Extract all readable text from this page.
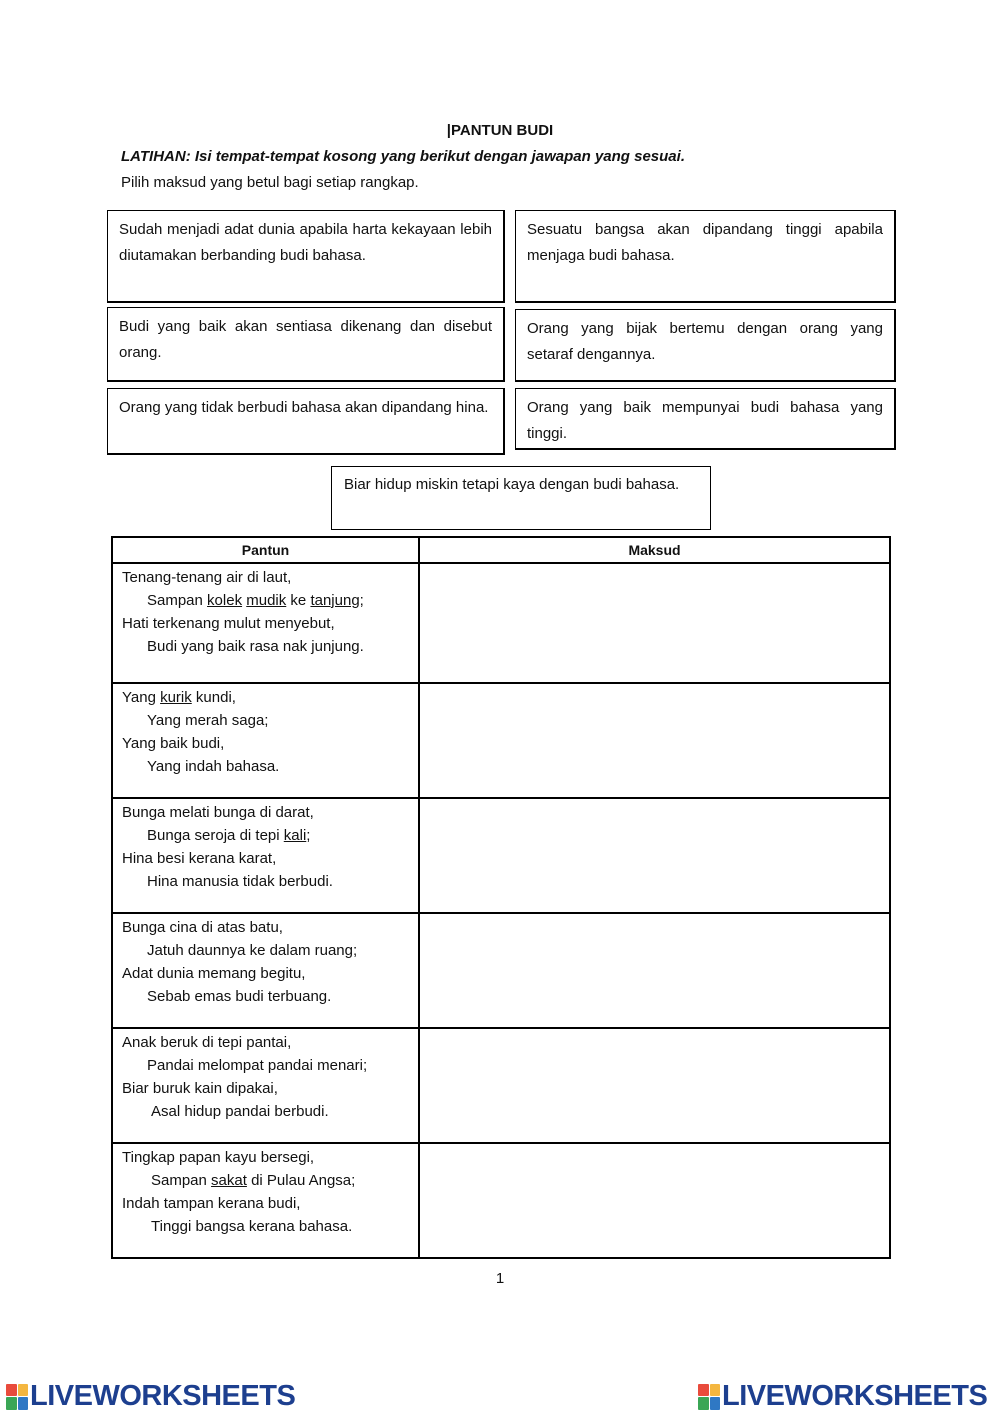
|PANTUN BUDI
LATIHAN: Isi tempat-tempat kosong yang berikut dengan jawapan yang sesuai.
Pilih maksud yang betul bagi setiap rangkap.
Sudah menjadi adat dunia apabila harta kekayaan lebih diutamakan berbanding budi bahasa.
Sesuatu bangsa akan dipandang tinggi apabila menjaga budi bahasa.
Budi yang baik akan sentiasa dikenang dan disebut orang.
Orang yang bijak bertemu dengan orang yang setaraf dengannya.
Orang yang tidak berbudi bahasa akan dipandang hina.	Orang yang baik mempunyai budi bahasa yang tinggi.
Biar hidup miskin tetapi kaya dengan budi bahasa.
Pantun	Maksud

Tenang-tenang air di laut,
Sampan kolek mudik ke tanjung;
Hati terkenang mulut menyebut,
Budi yang baik rasa nak junjung.	

Yang kurik kundi,
Yang merah saga;
Yang baik budi,
Yang indah bahasa.	

Bunga melati bunga di darat,
Bunga seroja di tepi kali;
Hina besi kerana karat,
Hina manusia tidak berbudi.	

Bunga cina di atas batu,
Jatuh daunnya ke dalam ruang;
Adat dunia memang begitu,
Sebab emas budi terbuang.	

Anak beruk di tepi pantai,
Pandai melompat pandai menari;
Biar buruk kain dipakai,
Asal hidup pandai berbudi.	

Tingkap papan kayu bersegi,
Sampan sakat di Pulau Angsa;
Indah tampan kerana budi,
Tinggi bangsa kerana bahasa.	

1
LIVEWORKSHEETS	LIVEWORKSHEETS
